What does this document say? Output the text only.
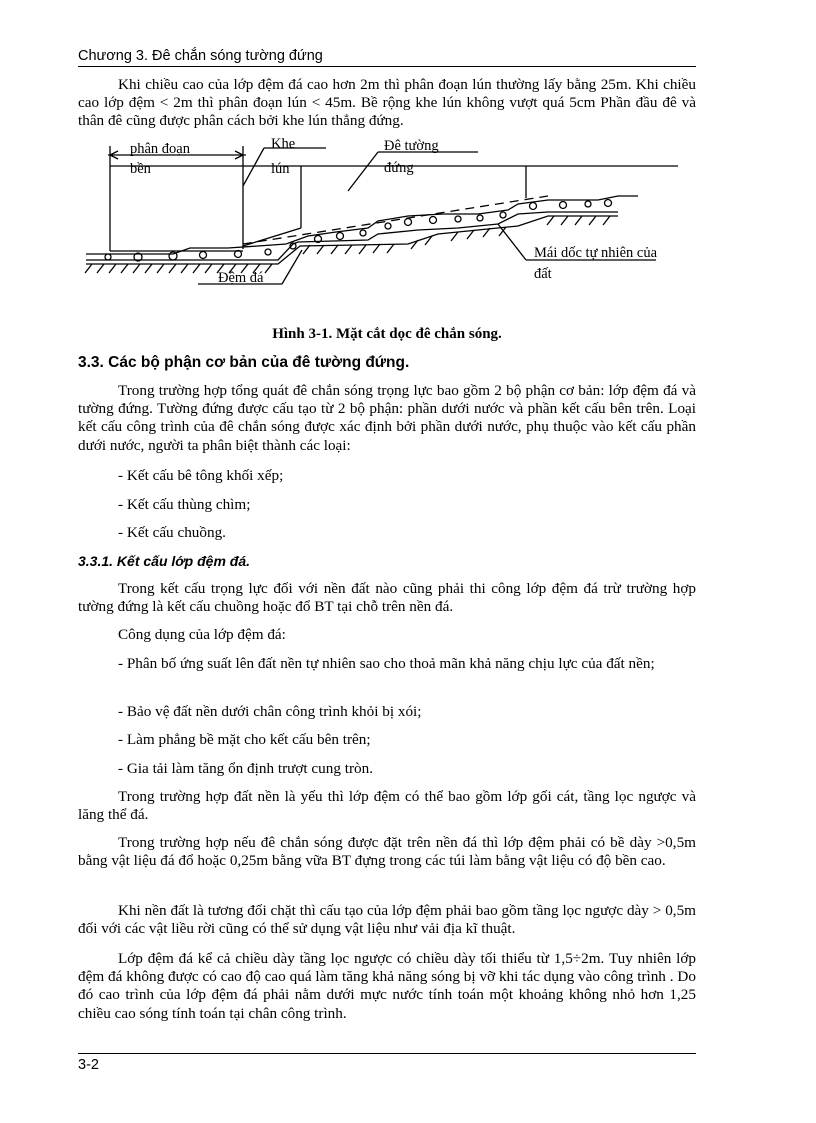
Chương 3. Đê chắn sóng tường đứng

Khi chiều cao của lớp đệm đá cao hơn 2m thì phân đoạn lún thường lấy bằng 25m. Khi chiều cao lớp đệm < 2m thì phân đoạn lún < 45m. Bề rộng khe lún không vượt quá 5cm Phần đầu đê và thân đê cũng được phân cách bởi khe lún thẳng đứng.

phân đoạn
bền
Khe
lún
Đê tường
đứng
Mái dốc tự nhiên của
đất
Đệm đá
Hình 3-1. Mặt cắt dọc đê chắn sóng.
3.3. Các bộ phận cơ bản của đê tường đứng.

Trong trường hợp tổng quát đê chắn sóng trọng lực bao gồm 2 bộ phận cơ bản: lớp đệm đá và tường đứng. Tường đứng được cấu tạo từ 2 bộ phận: phần dưới nước và phần kết cấu bên trên. Loại kết cấu công trình của đê chắn sóng được xác định bởi phần dưới nước, phụ thuộc vào kết cấu phần dưới nước, người ta phân biệt thành các loại:

- Kết cấu bê tông khối xếp;

- Kết cấu thùng chìm;

- Kết cấu chuồng.

3.3.1. Kết cấu lớp đệm đá.

Trong kết cấu trọng lực đối với nền đất nào cũng phải thi công lớp đệm đá trừ trường hợp tường đứng là kết cấu chuồng hoặc đổ BT tại chỗ trên nền đá.

Công dụng của lớp đệm đá:

- Phân bố ứng suất lên đất nền tự nhiên sao cho thoả mãn khả năng chịu lực của đất nền;

- Bảo vệ đất nền dưới chân công trình khỏi bị xói;

- Làm phẳng bề mặt cho kết cấu bên trên;

- Gia tải làm tăng ổn định trượt cung tròn.

Trong trường hợp đất nền là yếu thì lớp đệm có thể bao gồm lớp gối cát, tầng lọc ngược và lăng thể đá.

Trong trường hợp nếu đê chắn sóng được đặt trên nền đá thì lớp đệm phải có bề dày >0,5m bằng vật liệu đá đổ hoặc 0,25m bằng vữa BT đựng trong các túi làm bằng vật liệu có độ bền cao.

Khi nền đất là tương đối chặt thì cấu tạo của lớp đệm phải bao gồm tầng lọc ngược dày > 0,5m đối với các vật liều rời cũng có thể sử dụng vật liệu như vải địa kĩ thuật.

Lớp đệm đá kể cả chiều dày tầng lọc ngược có chiều dày tối thiểu từ 1,5÷2m. Tuy nhiên lớp đệm đá không được có cao độ cao quá làm tăng khả năng sóng bị vỡ khi tác dụng vào công trình . Do đó cao trình của lớp đệm đá phải nằm dưới mực nước tính toán một khoảng không nhỏ hơn 1,25 chiều cao sóng tính toán tại chân công trình.

3-2
